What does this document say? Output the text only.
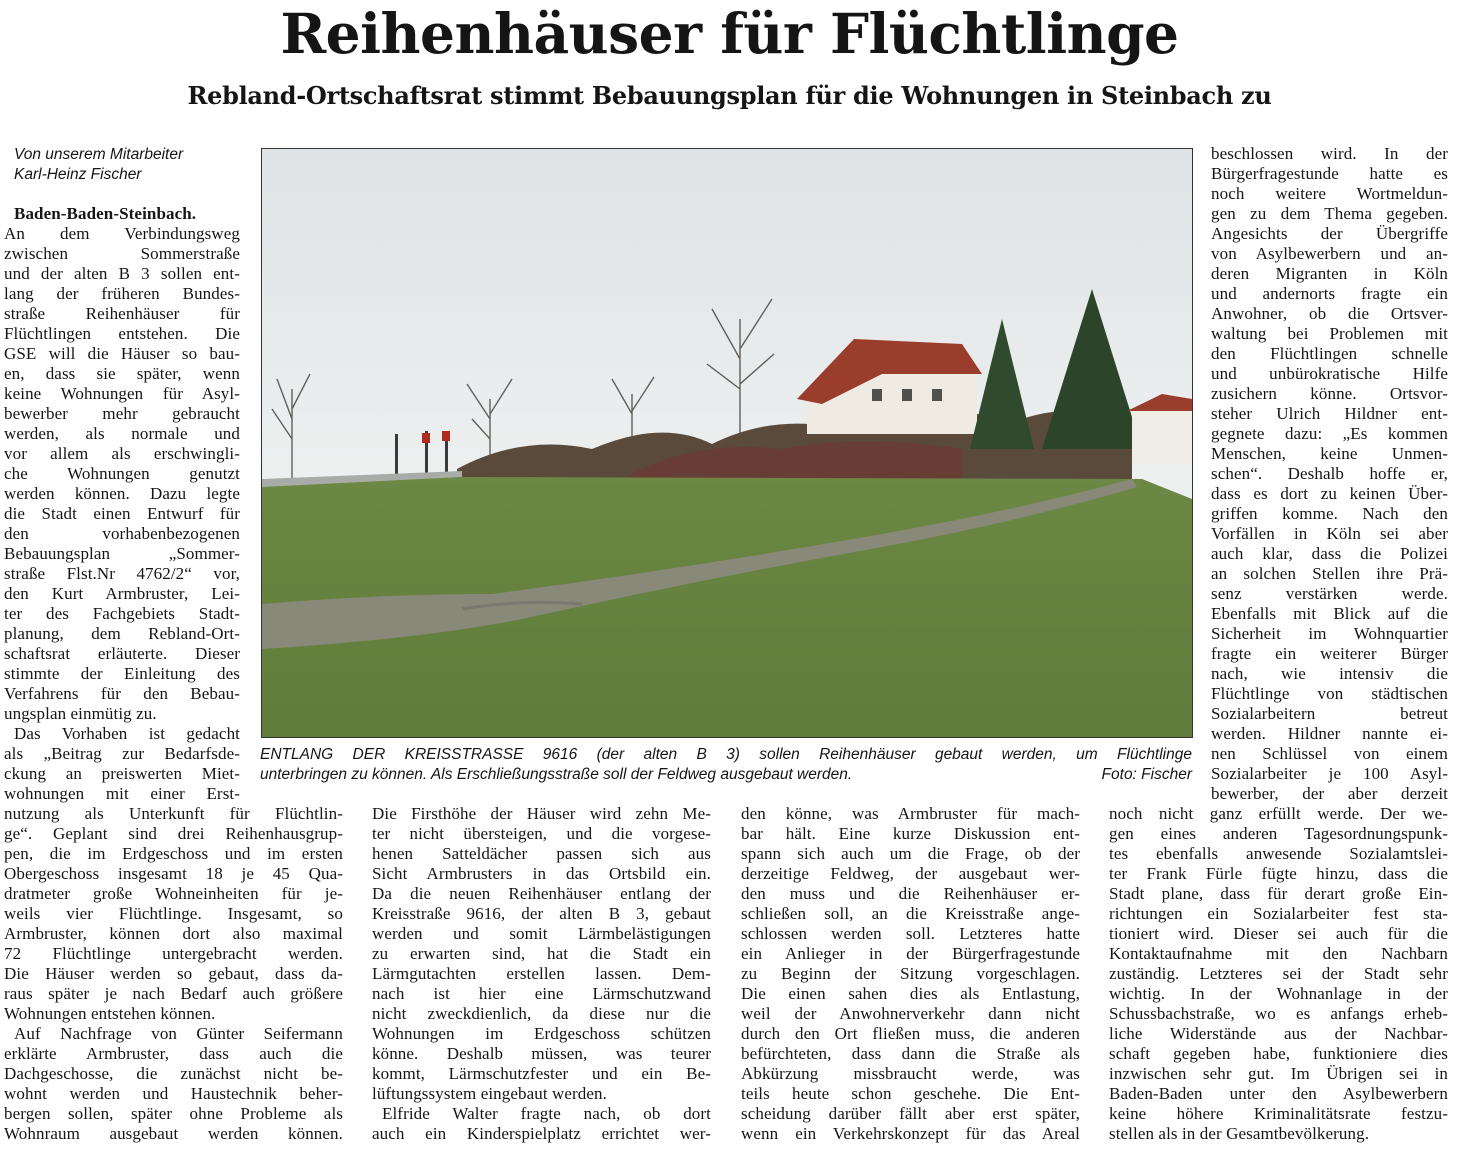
Reihenhäuser für Flüchtlinge
Rebland-Ortschaftsrat stimmt Bebauungsplan für die Wohnungen in Steinbach zu
Von unserem Mitarbeiter
Karl-Heinz Fischer
Baden-Baden-Steinbach.
An dem Verbindungsweg
zwischen Sommerstraße
und der alten B 3 sollen ent-
lang der früheren Bundes-
straße Reihenhäuser für
Flüchtlingen entstehen. Die
GSE will die Häuser so bau-
en, dass sie später, wenn
keine Wohnungen für Asyl-
bewerber mehr gebraucht
werden, als normale und
vor allem als erschwingli-
che Wohnungen genutzt
werden können. Dazu legte
die Stadt einen Entwurf für
den vorhabenbezogenen
Bebauungsplan „Sommer-
straße Flst.Nr 4762/2“ vor,
den Kurt Armbruster, Lei-
ter des Fachgebiets Stadt-
planung, dem Rebland-Ort-
schaftsrat erläuterte. Dieser
stimmte der Einleitung des
Verfahrens für den Bebau-
ungsplan einmütig zu.
Das Vorhaben ist gedacht
als „Beitrag zur Bedarfsde-
ckung an preiswerten Miet-
wohnungen mit einer Erst-
nutzung als Unterkunft für Flüchtlin-
ge“. Geplant sind drei Reihenhausgrup-
pen, die im Erdgeschoss und im ersten
Obergeschoss insgesamt 18 je 45 Qua-
dratmeter große Wohneinheiten für je-
weils vier Flüchtlinge. Insgesamt, so
Armbruster, können dort also maximal
72 Flüchtlinge untergebracht werden.
Die Häuser werden so gebaut, dass da-
raus später je nach Bedarf auch größere
Wohnungen entstehen können.
Auf Nachfrage von Günter Seifermann
erklärte Armbruster, dass auch die
Dachgeschosse, die zunächst nicht be-
wohnt werden und Haustechnik beher-
bergen sollen, später ohne Probleme als
Wohnraum ausgebaut werden können.
ENTLANG DER KREISSTRASSE 9616 (der alten B 3) sollen Reihenhäuser gebaut werden, um Flüchtlinge
unterbringen zu können. Als Erschließungsstraße soll der Feldweg ausgebaut werden.	Foto: Fischer
Die Firsthöhe der Häuser wird zehn Me-
ter nicht übersteigen, und die vorgese-
henen Satteldächer passen sich aus
Sicht Armbrusters in das Ortsbild ein.
Da die neuen Reihenhäuser entlang der
Kreisstraße 9616, der alten B 3, gebaut
werden und somit Lärmbelästigungen
zu erwarten sind, hat die Stadt ein
Lärmgutachten erstellen lassen. Dem-
nach ist hier eine Lärmschutzwand
nicht zweckdienlich, da diese nur die
Wohnungen im Erdgeschoss schützen
könne. Deshalb müssen, was teurer
kommt, Lärmschutzfester und ein Be-
lüftungssystem eingebaut werden.
Elfride Walter fragte nach, ob dort
auch ein Kinderspielplatz errichtet wer-
den könne, was Armbruster für mach-
bar hält. Eine kurze Diskussion ent-
spann sich auch um die Frage, ob der
derzeitige Feldweg, der ausgebaut wer-
den muss und die Reihenhäuser er-
schließen soll, an die Kreisstraße ange-
schlossen werden soll. Letzteres hatte
ein Anlieger in der Bürgerfragestunde
zu Beginn der Sitzung vorgeschlagen.
Die einen sahen dies als Entlastung,
weil der Anwohnerverkehr dann nicht
durch den Ort fließen muss, die anderen
befürchteten, dass dann die Straße als
Abkürzung missbraucht werde, was
teils heute schon geschehe. Die Ent-
scheidung darüber fällt aber erst später,
wenn ein Verkehrskonzept für das Areal
beschlossen wird. In der
Bürgerfragestunde hatte es
noch weitere Wortmeldun-
gen zu dem Thema gegeben.
Angesichts der Übergriffe
von Asylbewerbern und an-
deren Migranten in Köln
und andernorts fragte ein
Anwohner, ob die Ortsver-
waltung bei Problemen mit
den Flüchtlingen schnelle
und unbürokratische Hilfe
zusichern könne. Ortsvor-
steher Ulrich Hildner ent-
gegnete dazu: „Es kommen
Menschen, keine Unmen-
schen“. Deshalb hoffe er,
dass es dort zu keinen Über-
griffen komme. Nach den
Vorfällen in Köln sei aber
auch klar, dass die Polizei
an solchen Stellen ihre Prä-
senz verstärken werde.
Ebenfalls mit Blick auf die
Sicherheit im Wohnquartier
fragte ein weiterer Bürger
nach, wie intensiv die
Flüchtlinge von städtischen
Sozialarbeitern betreut
werden. Hildner nannte ei-
nen Schlüssel von einem
Sozialarbeiter je 100 Asyl-
bewerber, der aber derzeit
noch nicht ganz erfüllt werde. Der we-
gen eines anderen Tagesordnungspunk-
tes ebenfalls anwesende Sozialamtslei-
ter Frank Fürle fügte hinzu, dass die
Stadt plane, dass für derart große Ein-
richtungen ein Sozialarbeiter fest sta-
tioniert wird. Dieser sei auch für die
Kontaktaufnahme mit den Nachbarn
zuständig. Letzteres sei der Stadt sehr
wichtig. In der Wohnanlage in der
Schussbachstraße, wo es anfangs erheb-
liche Widerstände aus der Nachbar-
schaft gegeben habe, funktioniere dies
inzwischen sehr gut. Im Übrigen sei in
Baden-Baden unter den Asylbewerbern
keine höhere Kriminalitätsrate festzu-
stellen als in der Gesamtbevölkerung.
